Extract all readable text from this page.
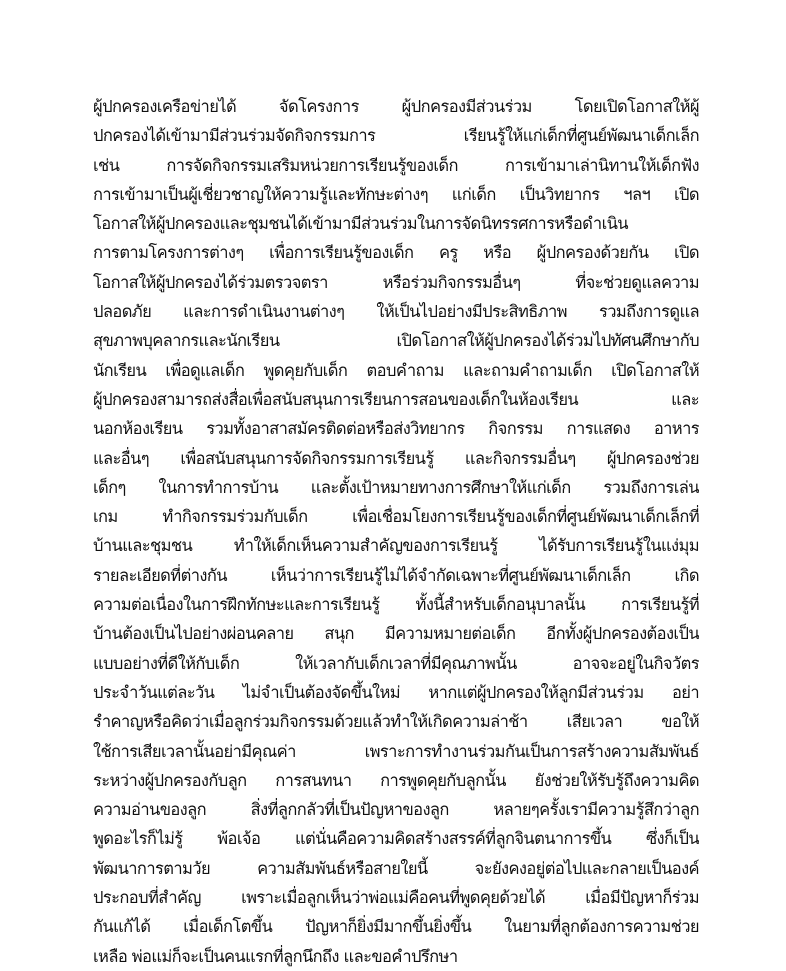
ผู้ปกครองเครือข่ายได้ จัดโครงการ ผู้ปกครองมีส่วนร่วม โดยเปิดโอกาสให้ผู้
ปกครองได้เข้ามามีส่วนร่วมจัดกิจกรรมการ เรียนรู้ให้แก่เด็กที่ศูนย์พัฒนาเด็กเล็ก
เช่น การจัดกิจกรรมเสริมหน่วยการเรียนรู้ของเด็ก การเข้ามาเล่านิทานให้เด็กฟัง
การเข้ามาเป็นผู้เชี่ยวชาญให้ความรู้และทักษะต่างๆ แก่เด็ก เป็นวิทยากร ฯลฯ เปิด
โอกาสให้ผู้ปกครองและชุมชนได้เข้ามามีส่วนร่วมในการจัดนิทรรศการหรือดำเนิน
การตามโครงการต่างๆ เพื่อการเรียนรู้ของเด็ก ครู หรือ ผู้ปกครองด้วยกัน เปิด
โอกาสให้ผู้ปกครองได้ร่วมตรวจตรา หรือร่วมกิจกรรมอื่นๆ ที่จะช่วยดูแลความ
ปลอดภัย และการดำเนินงานต่างๆ ให้เป็นไปอย่างมีประสิทธิภาพ รวมถึงการดูแล
สุขภาพบุคลากรและนักเรียน เปิดโอกาสให้ผู้ปกครองได้ร่วมไปทัศนศึกษากับ
นักเรียน เพื่อดูแลเด็ก พูดคุยกับเด็ก ตอบคำถาม และถามคำถามเด็ก เปิดโอกาสให้
ผู้ปกครองสามารถส่งสื่อเพื่อสนับสนุนการเรียนการสอนของเด็กในห้องเรียน และ
นอกห้องเรียน รวมทั้งอาสาสมัครติดต่อหรือส่งวิทยากร กิจกรรม การแสดง อาหาร
และอื่นๆ เพื่อสนับสนุนการจัดกิจกรรมการเรียนรู้ และกิจกรรมอื่นๆ ผู้ปกครองช่วย
เด็กๆ ในการทำการบ้าน และตั้งเป้าหมายทางการศึกษาให้แก่เด็ก รวมถึงการเล่น
เกม ทำกิจกรรมร่วมกับเด็ก เพื่อเชื่อมโยงการเรียนรู้ของเด็กที่ศูนย์พัฒนาเด็กเล็กที่
บ้านและชุมชน ทำให้เด็กเห็นความสำคัญของการเรียนรู้ ได้รับการเรียนรู้ในแง่มุม
รายละเอียดที่ต่างกัน เห็นว่าการเรียนรู้ไม่ได้จำกัดเฉพาะที่ศูนย์พัฒนาเด็กเล็ก เกิด
ความต่อเนื่องในการฝึกทักษะและการเรียนรู้ ทั้งนี้สำหรับเด็กอนุบาลนั้น การเรียนรู้ที่
บ้านต้องเป็นไปอย่างผ่อนคลาย สนุก มีความหมายต่อเด็ก อีกทั้งผู้ปกครองต้องเป็น
แบบอย่างที่ดีให้กับเด็ก ให้เวลากับเด็กเวลาที่มีคุณภาพนั้น อาจจะอยู่ในกิจวัตร
ประจำวันแต่ละวัน ไม่จำเป็นต้องจัดขึ้นใหม่ หากแต่ผู้ปกครองให้ลูกมีส่วนร่วม อย่า
รำคาญหรือคิดว่าเมื่อลูกร่วมกิจกรรมด้วยแล้วทำให้เกิดความล่าช้า เสียเวลา ขอให้
ใช้การเสียเวลานั้นอย่ามีคุณค่า เพราะการทำงานร่วมกันเป็นการสร้างความสัมพันธ์
ระหว่างผู้ปกครองกับลูก การสนทนา การพูดคุยกับลูกนั้น ยังช่วยให้รับรู้ถึงความคิด
ความอ่านของลูก สิ่งที่ลูกกลัวที่เป็นปัญหาของลูก หลายๆครั้งเรามีความรู้สึกว่าลูก
พูดอะไรก็ไม่รู้ พ้อเจ้อ แต่นั่นคือความคิดสร้างสรรค์ที่ลูกจินตนาการขึ้น ซึ่งก็เป็น
พัฒนาการตามวัย ความสัมพันธ์หรือสายใยนี้ จะยังคงอยู่ต่อไปและกลายเป็นองค์
ประกอบที่สำคัญ เพราะเมื่อลูกเห็นว่าพ่อแม่คือคนที่พูดคุยด้วยได้ เมื่อมีปัญหาก็ร่วม
กันแก้ได้ เมื่อเด็กโตขึ้น ปัญหาก็ยิ่งมีมากขึ้นยิ่งขึ้น ในยามที่ลูกต้องการความช่วย
เหลือ พ่อแม่ก็จะเป็นคนแรกที่ลูกนึกถึง และขอคำปรึกษา
